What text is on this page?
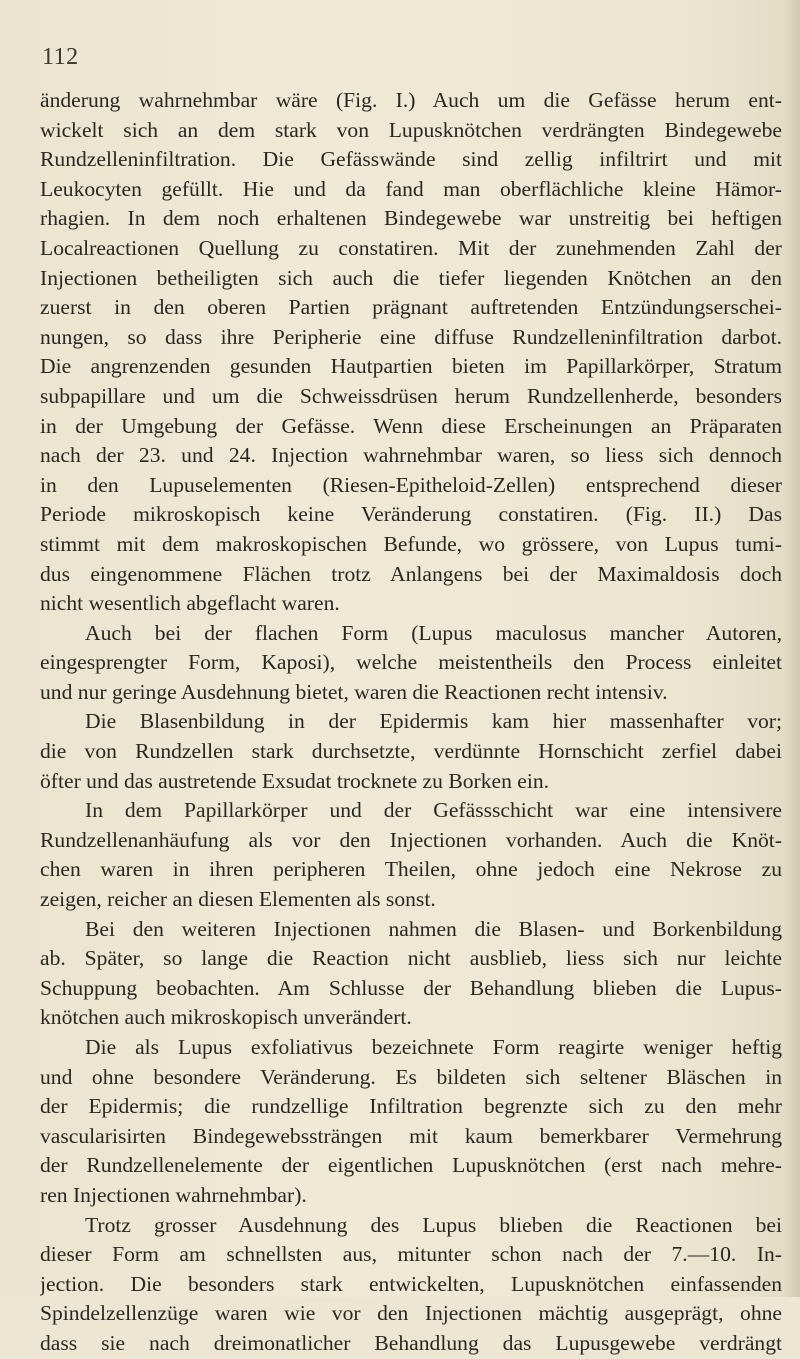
112
änderung wahrnehmbar wäre (Fig. I.) Auch um die Gefässe herum ent-
wickelt sich an dem stark von Lupusknötchen verdrängten Bindegewebe
Rundzelleninfiltration. Die Gefässwände sind zellig infiltrirt und mit
Leukocyten gefüllt. Hie und da fand man oberflächliche kleine Hämor-
rhagien. In dem noch erhaltenen Bindegewebe war unstreitig bei heftigen
Localreactionen Quellung zu constatiren. Mit der zunehmenden Zahl der
Injectionen betheiligten sich auch die tiefer liegenden Knötchen an den
zuerst in den oberen Partien prägnant auftretenden Entzündungserschei-
nungen, so dass ihre Peripherie eine diffuse Rundzelleninfiltration darbot.
Die angrenzenden gesunden Hautpartien bieten im Papillarkörper, Stratum
subpapillare und um die Schweissdrüsen herum Rundzellenherde, besonders
in der Umgebung der Gefässe. Wenn diese Erscheinungen an Präparaten
nach der 23. und 24. Injection wahrnehmbar waren, so liess sich dennoch
in den Lupuselementen (Riesen-Epitheloid-Zellen) entsprechend dieser
Periode mikroskopisch keine Veränderung constatiren. (Fig. II.) Das
stimmt mit dem makroskopischen Befunde, wo grössere, von Lupus tumi-
dus eingenommene Flächen trotz Anlangens bei der Maximaldosis doch
nicht wesentlich abgeflacht waren.
Auch bei der flachen Form (Lupus maculosus mancher Autoren,
eingesprengter Form, Kaposi), welche meistentheils den Process einleitet
und nur geringe Ausdehnung bietet, waren die Reactionen recht intensiv.
Die Blasenbildung in der Epidermis kam hier massenhafter vor;
die von Rundzellen stark durchsetzte, verdünnte Hornschicht zerfiel dabei
öfter und das austretende Exsudat trocknete zu Borken ein.
In dem Papillarkörper und der Gefässschicht war eine intensivere
Rundzellenanhäufung als vor den Injectionen vorhanden. Auch die Knöt-
chen waren in ihren peripheren Theilen, ohne jedoch eine Nekrose zu
zeigen, reicher an diesen Elementen als sonst.
Bei den weiteren Injectionen nahmen die Blasen- und Borkenbildung
ab. Später, so lange die Reaction nicht ausblieb, liess sich nur leichte
Schuppung beobachten. Am Schlusse der Behandlung blieben die Lupus-
knötchen auch mikroskopisch unverändert.
Die als Lupus exfoliativus bezeichnete Form reagirte weniger heftig
und ohne besondere Veränderung. Es bildeten sich seltener Bläschen in
der Epidermis; die rundzellige Infiltration begrenzte sich zu den mehr
vascularisirten Bindegewebssträngen mit kaum bemerkbarer Vermehrung
der Rundzellenelemente der eigentlichen Lupusknötchen (erst nach mehre-
ren Injectionen wahrnehmbar).
Trotz grosser Ausdehnung des Lupus blieben die Reactionen bei
dieser Form am schnellsten aus, mitunter schon nach der 7.—10. In-
jection. Die besonders stark entwickelten, Lupusknötchen einfassenden
Spindelzellenzüge waren wie vor den Injectionen mächtig ausgeprägt, ohne
dass sie nach dreimonatlicher Behandlung das Lupusgewebe verdrängt
